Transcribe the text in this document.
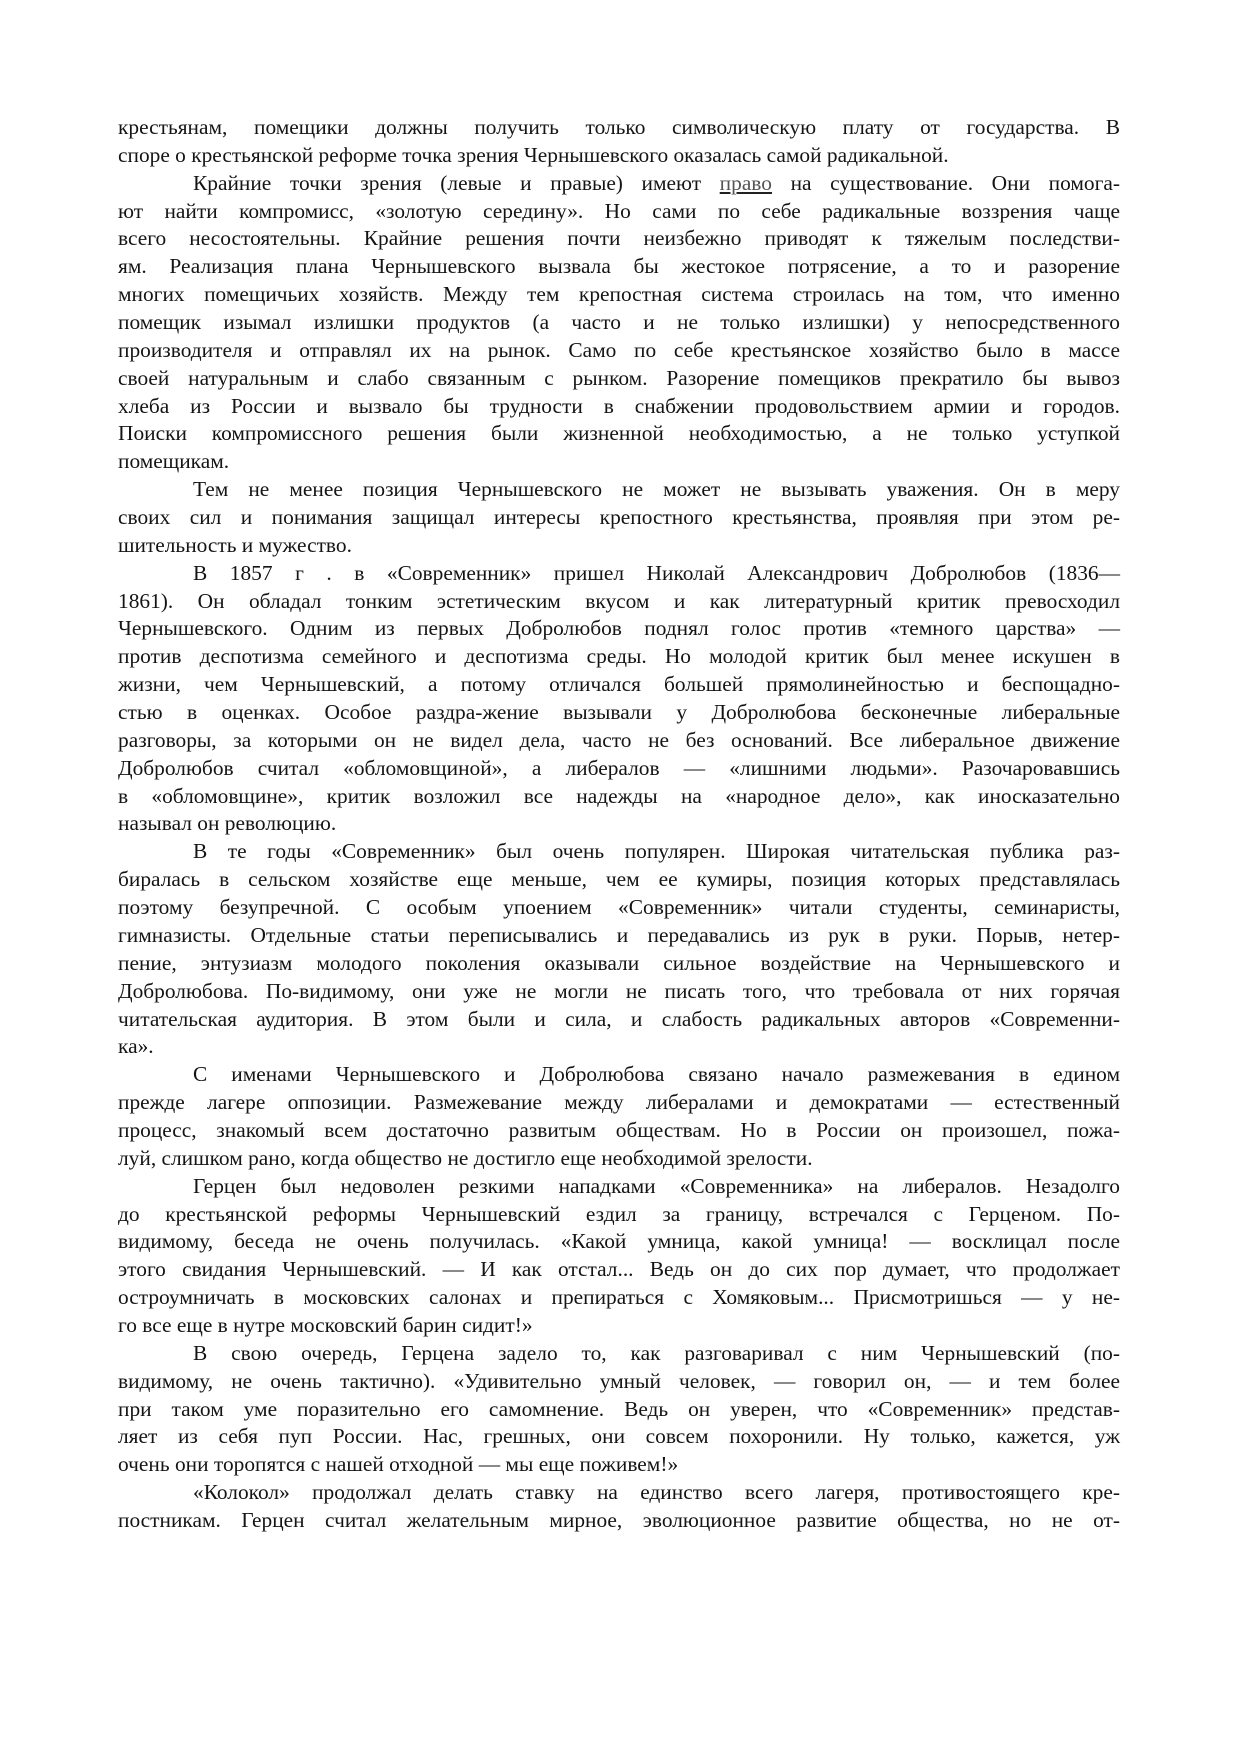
крестьянам, помещики должны получить только символическую плату от государства. В
споре о крестьянской реформе точка зрения Чернышевского оказалась самой радикальной.
Крайние точки зрения (левые и правые) имеют право на существование. Они помога-
ют найти компромисс, «золотую середину». Но сами по себе радикальные воззрения чаще
всего несостоятельны. Крайние решения почти неизбежно приводят к тяжелым последстви-
ям. Реализация плана Чернышевского вызвала бы жестокое потрясение, а то и разорение
многих помещичьих хозяйств. Между тем крепостная система строилась на том, что именно
помещик изымал излишки продуктов (а часто и не только излишки) у непосредственного
производителя и отправлял их на рынок. Само по себе крестьянское хозяйство было в массе
своей натуральным и слабо связанным с рынком. Разорение помещиков прекратило бы вывоз
хлеба из России и вызвало бы трудности в снабжении продовольствием армии и городов.
Поиски компромиссного решения были жизненной необходимостью, а не только уступкой
помещикам.
Тем не менее позиция Чернышевского не может не вызывать уважения. Он в меру
своих сил и понимания защищал интересы крепостного крестьянства, проявляя при этом ре-
шительность и мужество.
В 1857 г . в «Современник» пришел Николай Александрович Добролюбов (1836—
1861). Он обладал тонким эстетическим вкусом и как литературный критик превосходил
Чернышевского. Одним из первых Добролюбов поднял голос против «темного царства» —
против деспотизма семейного и деспотизма среды. Но молодой критик был менее искушен в
жизни, чем Чернышевский, а потому отличался большей прямолинейностью и беспощадно-
стью в оценках. Особое раздра-жение вызывали у Добролюбова бесконечные либеральные
разговоры, за которыми он не видел дела, часто не без оснований. Все либеральное движение
Добролюбов считал «обломовщиной», а либералов — «лишними людьми». Разочаровавшись
в «обломовщине», критик возложил все надежды на «народное дело», как иносказательно
называл он революцию.
В те годы «Современник» был очень популярен. Широкая читательская публика раз-
биралась в сельском хозяйстве еще меньше, чем ее кумиры, позиция которых представлялась
поэтому безупречной. С особым упоением «Современник» читали студенты, семинаристы,
гимназисты. Отдельные статьи переписывались и передавались из рук в руки. Порыв, нетер-
пение, энтузиазм молодого поколения оказывали сильное воздействие на Чернышевского и
Добролюбова. По-видимому, они уже не могли не писать того, что требовала от них горячая
читательская аудитория. В этом были и сила, и слабость радикальных авторов «Современни-
ка».
С именами Чернышевского и Добролюбова связано начало размежевания в едином
прежде лагере оппозиции. Размежевание между либералами и демократами — естественный
процесс, знакомый всем достаточно развитым обществам. Но в России он произошел, пожа-
луй, слишком рано, когда общество не достигло еще необходимой зрелости.
Герцен был недоволен резкими нападками «Современника» на либералов. Незадолго
до крестьянской реформы Чернышевский ездил за границу, встречался с Герценом. По-
видимому, беседа не очень получилась. «Какой умница, какой умница! — восклицал после
этого свидания Чернышевский. — И как отстал... Ведь он до сих пор думает, что продолжает
остроумничать в московских салонах и препираться с Хомяковым... Присмотришься — у не-
го все еще в нутре московский барин сидит!»
В свою очередь, Герцена задело то, как разговаривал с ним Чернышевский (по-
видимому, не очень тактично). «Удивительно умный человек, — говорил он, — и тем более
при таком уме поразительно его самомнение. Ведь он уверен, что «Современник» представ-
ляет из себя пуп России. Нас, грешных, они совсем похоронили. Ну только, кажется, уж
очень они торопятся с нашей отходной — мы еще поживем!»
«Колокол» продолжал делать ставку на единство всего лагеря, противостоящего кре-
постникам. Герцен считал желательным мирное, эволюционное развитие общества, но не от-
